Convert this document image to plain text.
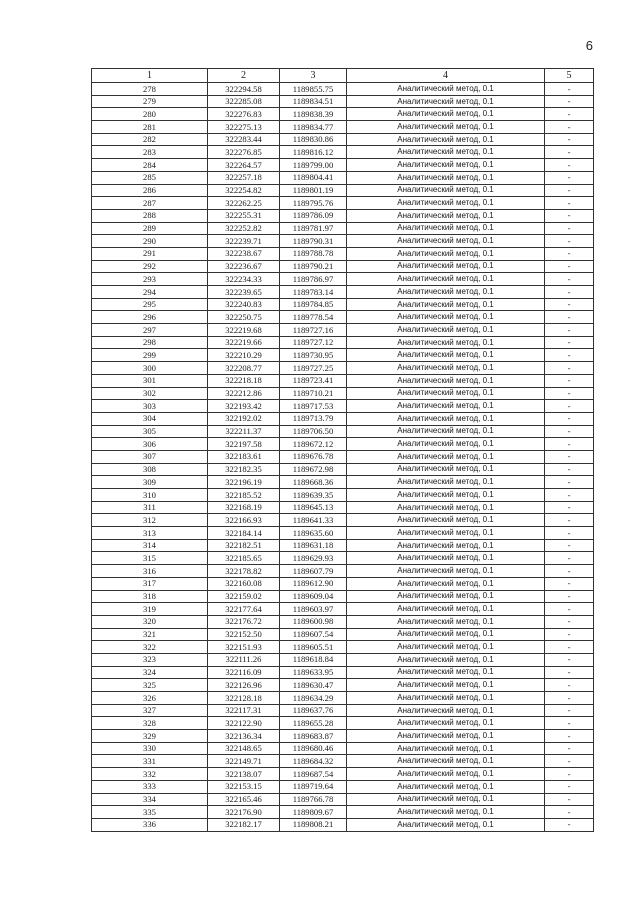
6
1	2	3	4	5
278	322294.58	1189855.75	Аналитический метод, 0.1	-
279	322285.08	1189834.51	Аналитический метод, 0.1	-
280	322276.83	1189838.39	Аналитический метод, 0.1	-
281	322275.13	1189834.77	Аналитический метод, 0.1	-
282	322283.44	1189830.86	Аналитический метод, 0.1	-
283	322276.85	1189816.12	Аналитический метод, 0.1	-
284	322264.57	1189799.00	Аналитический метод, 0.1	-
285	322257.18	1189804.41	Аналитический метод, 0.1	-
286	322254.82	1189801.19	Аналитический метод, 0.1	-
287	322262.25	1189795.76	Аналитический метод, 0.1	-
288	322255.31	1189786.09	Аналитический метод, 0.1	-
289	322252.82	1189781.97	Аналитический метод, 0.1	-
290	322239.71	1189790.31	Аналитический метод, 0.1	-
291	322238.67	1189788.78	Аналитический метод, 0.1	-
292	322236.67	1189790.21	Аналитический метод, 0.1	-
293	322234.33	1189786.97	Аналитический метод, 0.1	-
294	322239.65	1189783.14	Аналитический метод, 0.1	-
295	322240.83	1189784.85	Аналитический метод, 0.1	-
296	322250.75	1189778.54	Аналитический метод, 0.1	-
297	322219.68	1189727.16	Аналитический метод, 0.1	-
298	322219.66	1189727.12	Аналитический метод, 0.1	-
299	322210.29	1189730.95	Аналитический метод, 0.1	-
300	322208.77	1189727.25	Аналитический метод, 0.1	-
301	322218.18	1189723.41	Аналитический метод, 0.1	-
302	322212.86	1189710.21	Аналитический метод, 0.1	-
303	322193.42	1189717.53	Аналитический метод, 0.1	-
304	322192.02	1189713.79	Аналитический метод, 0.1	-
305	322211.37	1189706.50	Аналитический метод, 0.1	-
306	322197.58	1189672.12	Аналитический метод, 0.1	-
307	322183.61	1189676.78	Аналитический метод, 0.1	-
308	322182.35	1189672.98	Аналитический метод, 0.1	-
309	322196.19	1189668.36	Аналитический метод, 0.1	-
310	322185.52	1189639.35	Аналитический метод, 0.1	-
311	322168.19	1189645.13	Аналитический метод, 0.1	-
312	322166.93	1189641.33	Аналитический метод, 0.1	-
313	322184.14	1189635.60	Аналитический метод, 0.1	-
314	322182.51	1189631.18	Аналитический метод, 0.1	-
315	322185.65	1189629.93	Аналитический метод, 0.1	-
316	322178.82	1189607.79	Аналитический метод, 0.1	-
317	322160.08	1189612.90	Аналитический метод, 0.1	-
318	322159.02	1189609.04	Аналитический метод, 0.1	-
319	322177.64	1189603.97	Аналитический метод, 0.1	-
320	322176.72	1189600.98	Аналитический метод, 0.1	-
321	322152.50	1189607.54	Аналитический метод, 0.1	-
322	322151.93	1189605.51	Аналитический метод, 0.1	-
323	322111.26	1189618.84	Аналитический метод, 0.1	-
324	322116.09	1189633.95	Аналитический метод, 0.1	-
325	322126.96	1189630.47	Аналитический метод, 0.1	-
326	322128.18	1189634.29	Аналитический метод, 0.1	-
327	322117.31	1189637.76	Аналитический метод, 0.1	-
328	322122.90	1189655.28	Аналитический метод, 0.1	-
329	322136.34	1189683.87	Аналитический метод, 0.1	-
330	322148.65	1189680.46	Аналитический метод, 0.1	-
331	322149.71	1189684.32	Аналитический метод, 0.1	-
332	322138.07	1189687.54	Аналитический метод, 0.1	-
333	322153.15	1189719.64	Аналитический метод, 0.1	-
334	322165.46	1189766.78	Аналитический метод, 0.1	-
335	322176.90	1189809.67	Аналитический метод, 0.1	-
336	322182.17	1189808.21	Аналитический метод, 0.1	-
